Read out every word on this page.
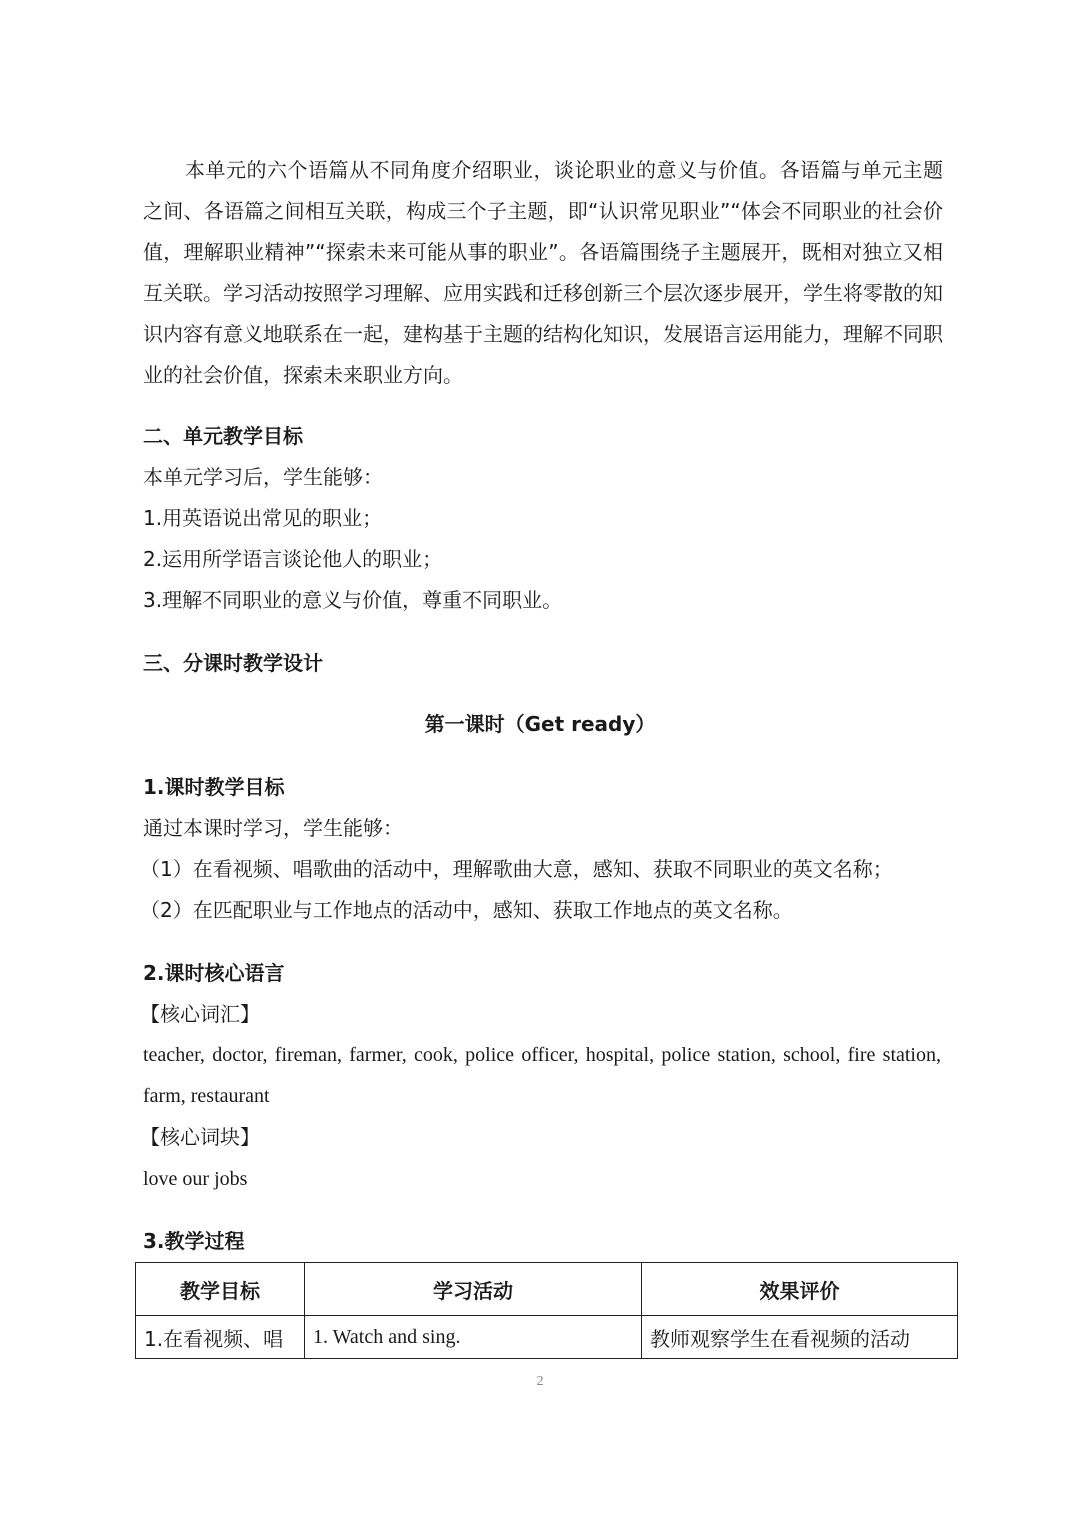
本单元的六个语篇从不同角度介绍职业，谈论职业的意义与价值。各语篇与单元主题之间、各语篇之间相互关联，构成三个子主题，即“认识常见职业”“体会不同职业的社会价值，理解职业精神”“探索未来可能从事的职业”。各语篇围绕子主题展开，既相对独立又相互关联。学习活动按照学习理解、应用实践和迁移创新三个层次逐步展开，学生将零散的知识内容有意义地联系在一起，建构基于主题的结构化知识，发展语言运用能力，理解不同职业的社会价值，探索未来职业方向。

二、单元教学目标
本单元学习后，学生能够：
1.用英语说出常见的职业；
2.运用所学语言谈论他人的职业；
3.理解不同职业的意义与价值，尊重不同职业。
三、分课时教学设计
第一课时（Get ready）
1.课时教学目标
通过本课时学习，学生能够：
（1）在看视频、唱歌曲的活动中，理解歌曲大意，感知、获取不同职业的英文名称；
（2）在匹配职业与工作地点的活动中，感知、获取工作地点的英文名称。
2.课时核心语言
【核心词汇】

teacher, doctor, fireman, farmer, cook, police officer, hospital, police station, school, fire station, farm, restaurant

【核心词块】
love our jobs
3.教学过程
教学目标	学习活动	效果评价
1.在看视频、唱	1. Watch and sing.	教师观察学生在看视频的活动
2
